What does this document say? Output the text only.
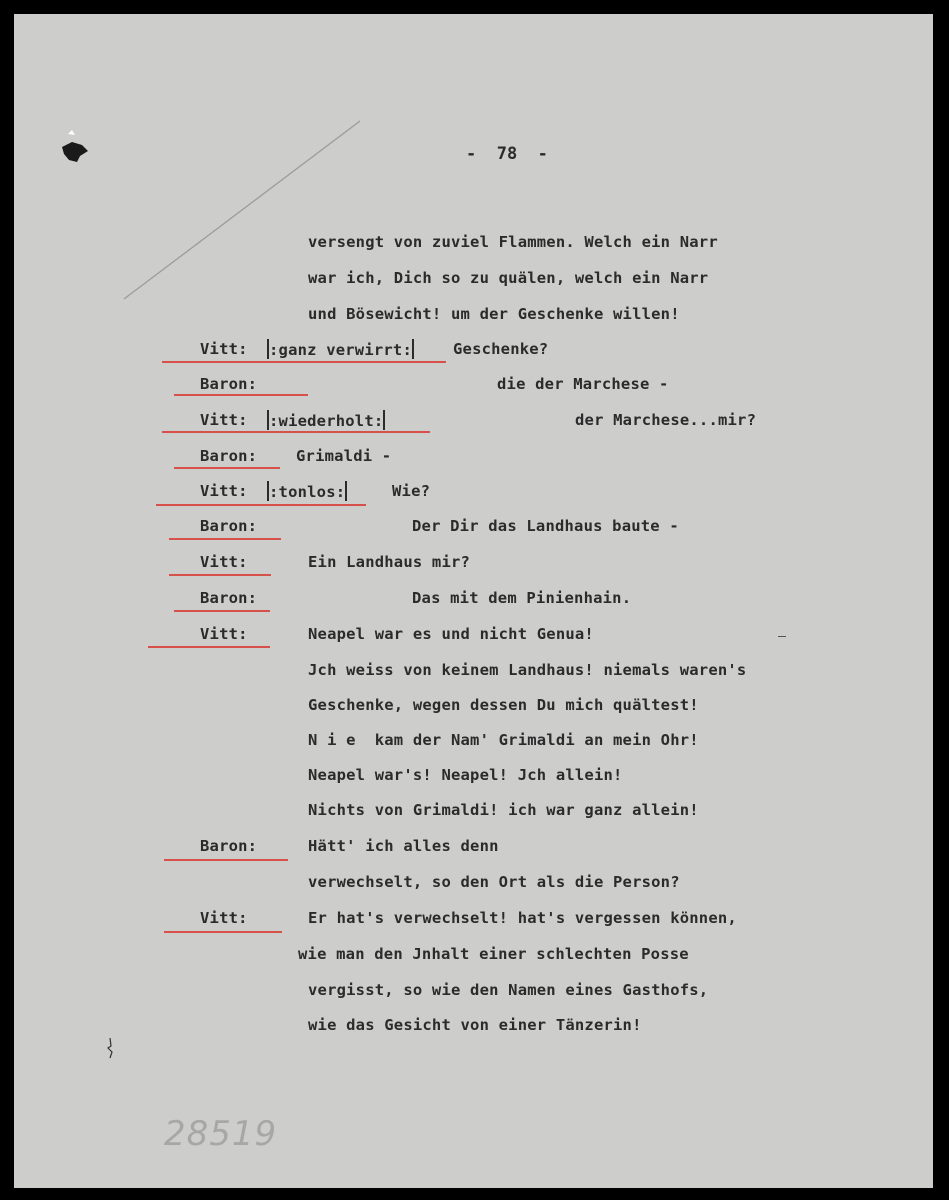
-  78  -
versengt von zuviel Flammen. Welch ein Narr
war ich, Dich so zu quälen, welch ein Narr
und Bösewicht! um der Geschenke willen!
Vitt: :ganz verwirrt:	Geschenke?
Baron:	die der Marchese -
Vitt: :wiederholt:	der Marchese...mir?
Baron:	Grimaldi -
Vitt: :tonlos:	Wie?
Baron:	Der Dir das Landhaus baute -
Vitt:	Ein Landhaus mir?
Baron:	Das mit dem Pinienhain.
Vitt:	Neapel war es und nicht Genua!
Jch weiss von keinem Landhaus! niemals waren's
Geschenke, wegen dessen Du mich quältest!
N i e  kam der Nam' Grimaldi an mein Ohr!
Neapel war's! Neapel! Jch allein!
Nichts von Grimaldi! ich war ganz allein!
Baron:	Hätt' ich alles denn
verwechselt, so den Ort als die Person?
Vitt:	Er hat's verwechselt! hat's vergessen können,
wie man den Jnhalt einer schlechten Posse
vergisst, so wie den Namen eines Gasthofs,
wie das Gesicht von einer Tänzerin!
28519
